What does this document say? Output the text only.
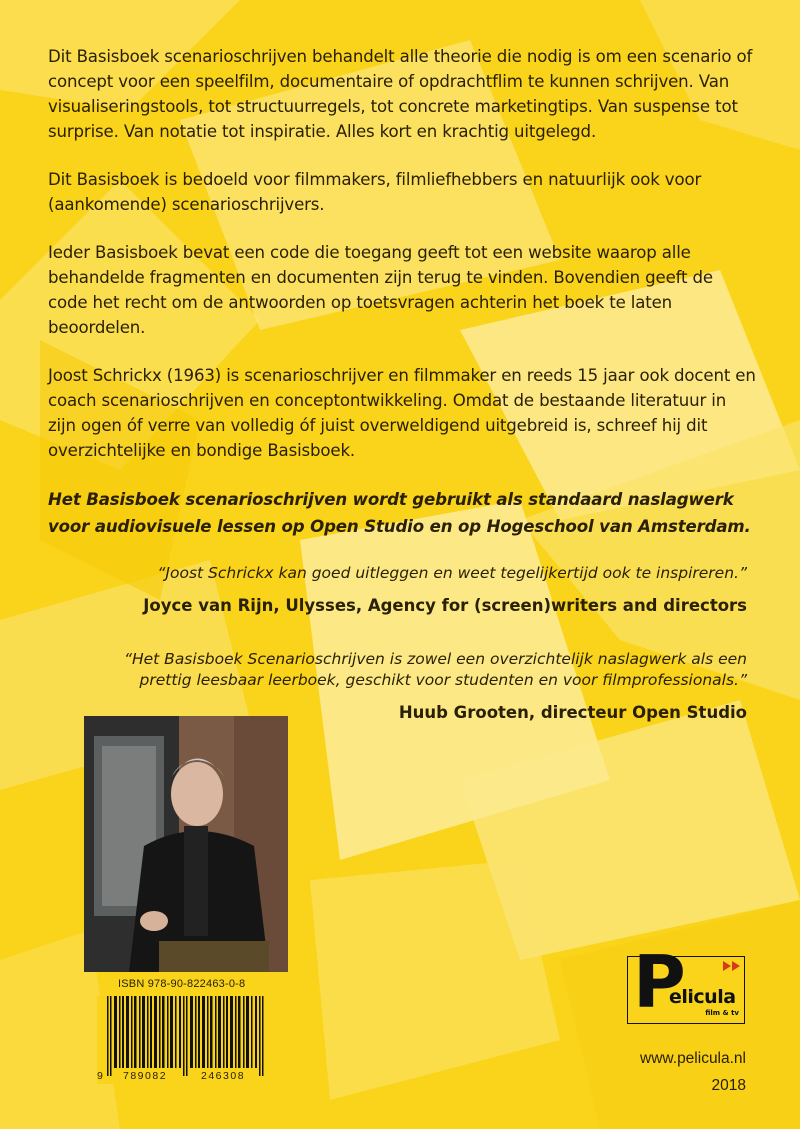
Dit Basisboek scenarioschrijven behandelt alle theorie die nodig is om een scenario of concept voor een speelfilm, documentaire of opdrachtflim te kunnen schrijven. Van visualiseringstools, tot structuurregels, tot concrete marketingtips. Van suspense tot surprise. Van notatie tot inspiratie. Alles kort en krachtig uitgelegd.

Dit Basisboek is bedoeld voor filmmakers, filmliefhebbers en natuurlijk ook voor (aankomende) scenarioschrijvers.

Ieder Basisboek bevat een code die toegang geeft tot een website waarop alle behandelde fragmenten en documenten zijn terug te vinden. Bovendien geeft de code het recht om de antwoorden op toetsvragen achterin het boek te laten beoordelen.

Joost Schrickx (1963) is scenarioschrijver en filmmaker en reeds 15 jaar ook docent en coach scenarioschrijven en conceptontwikkeling. Omdat de bestaande literatuur in zijn ogen óf verre van volledig óf juist overweldigend uitgebreid is, schreef hij dit overzichtelijke en bondige Basisboek.

Het Basisboek scenarioschrijven wordt gebruikt als standaard naslagwerk voor audiovisuele lessen op Open Studio en op Hogeschool van Amsterdam.

“Joost Schrickx kan goed uitleggen en weet tegelijkertijd ook te inspireren.”
Joyce van Rijn, Ulysses, Agency for (screen)writers and directors
“Het Basisboek Scenarioschrijven is zowel een overzichtelijk naslagwerk als een prettig leesbaar leerboek, geschikt voor studenten en voor filmprofessionals.”
Huub Grooten, directeur Open Studio
ISBN 978-90-822463-0-8
9 789082	246308
P
elicula
film & tv
www.pelicula.nl
2018
